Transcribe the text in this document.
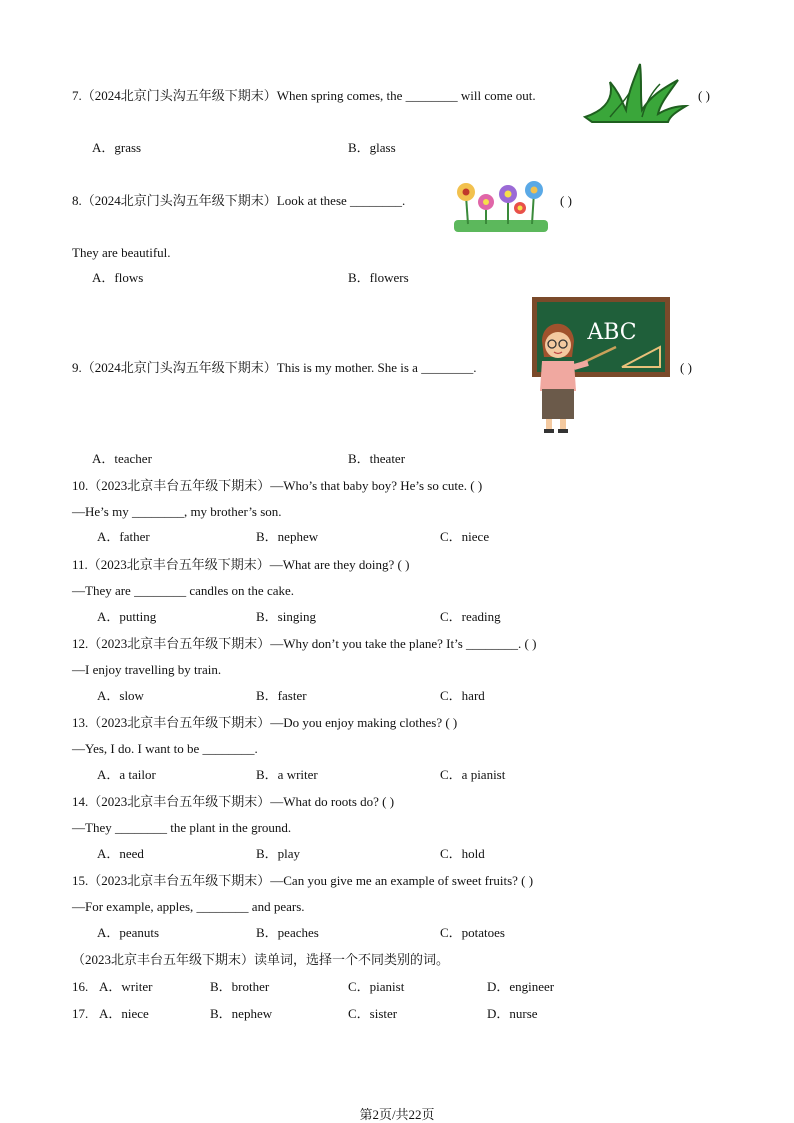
7.（2024北京门头沟五年级下期末）When spring comes, the ________ will come out.	( )
A．grass	B．glass
8.（2024北京门头沟五年级下期末）Look at these ________.	( )
They are beautiful.
A．flows	B．flowers
9.（2024北京门头沟五年级下期末）This is my mother. She is a ________.
ABC
( )
A．teacher	B．theater
10.（2023北京丰台五年级下期末）—Who’s that baby boy? He’s so cute. ( )
—He’s my ________, my brother’s son.
A．father	B．nephew	C．niece
11.（2023北京丰台五年级下期末）—What are they doing? ( )
—They are ________ candles on the cake.
A．putting	B．singing	C．reading
12.（2023北京丰台五年级下期末）—Why don’t you take the plane? It’s ________. ( )
—I enjoy travelling by train.
A．slow	B．faster	C．hard
13.（2023北京丰台五年级下期末）—Do you enjoy making clothes? ( )
—Yes, I do. I want to be ________.
A．a tailor	B．a writer	C．a pianist
14.（2023北京丰台五年级下期末）—What do roots do? ( )
—They ________ the plant in the ground.
A．need	B．play	C．hold
15.（2023北京丰台五年级下期末）—Can you give me an example of sweet fruits? ( )
—For example, apples, ________ and pears.
A．peanuts	B．peaches	C．potatoes
（2023北京丰台五年级下期末）读单词，选择一个不同类别的词。
16. A．writer	B．brother	C．pianist	D．engineer
17. A．niece	B．nephew	C．sister	D．nurse
第2页/共22页
